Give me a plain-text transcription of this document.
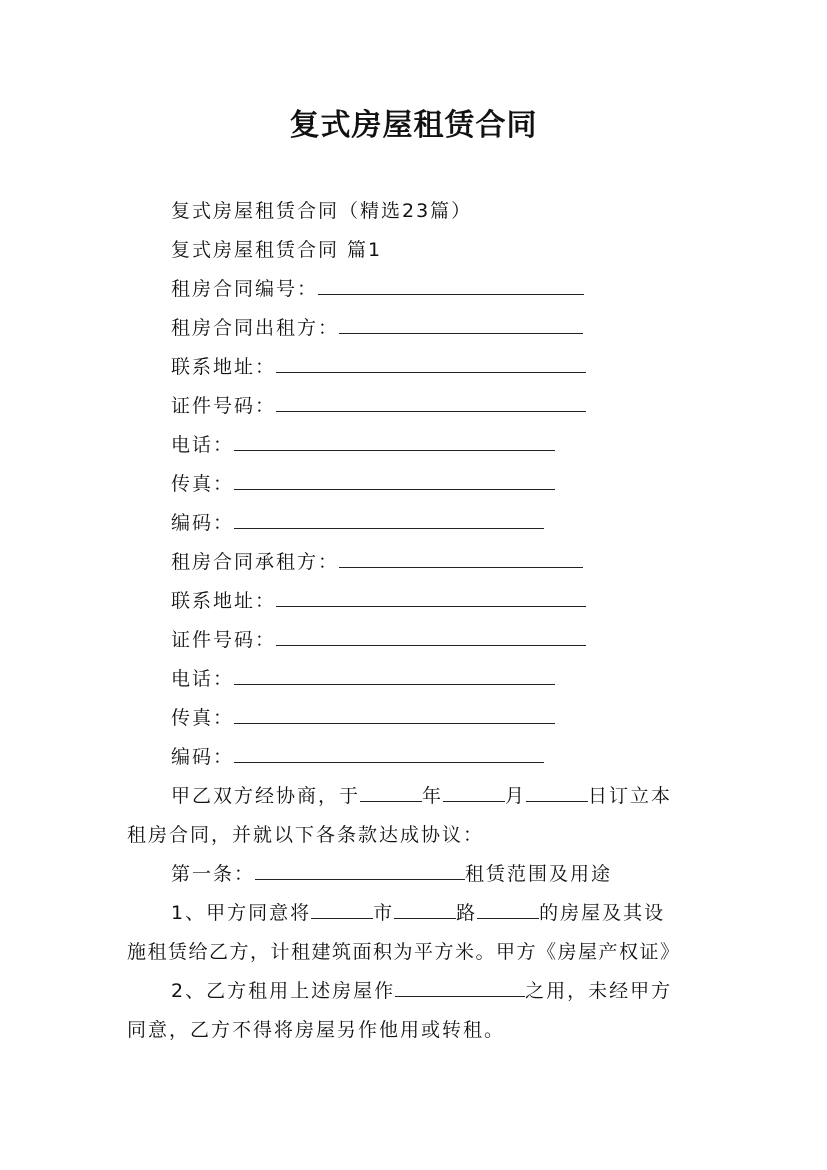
复式房屋租赁合同
复式房屋租赁合同（精选23篇）
复式房屋租赁合同 篇1
租房合同编号：
租房合同出租方：
联系地址：
证件号码：
电话：
传真：
编码：
租房合同承租方：
联系地址：
证件号码：
电话：
传真：
编码：
甲乙双方经协商，于	年	月	日订立本
租房合同，并就以下各条款达成协议：
第一条：	租赁范围及用途
1、甲方同意将	市	路	的房屋及其设
施租赁给乙方，计租建筑面积为平方米。甲方《房屋产权证》
2、乙方租用上述房屋作	之用，未经甲方
同意，乙方不得将房屋另作他用或转租。
